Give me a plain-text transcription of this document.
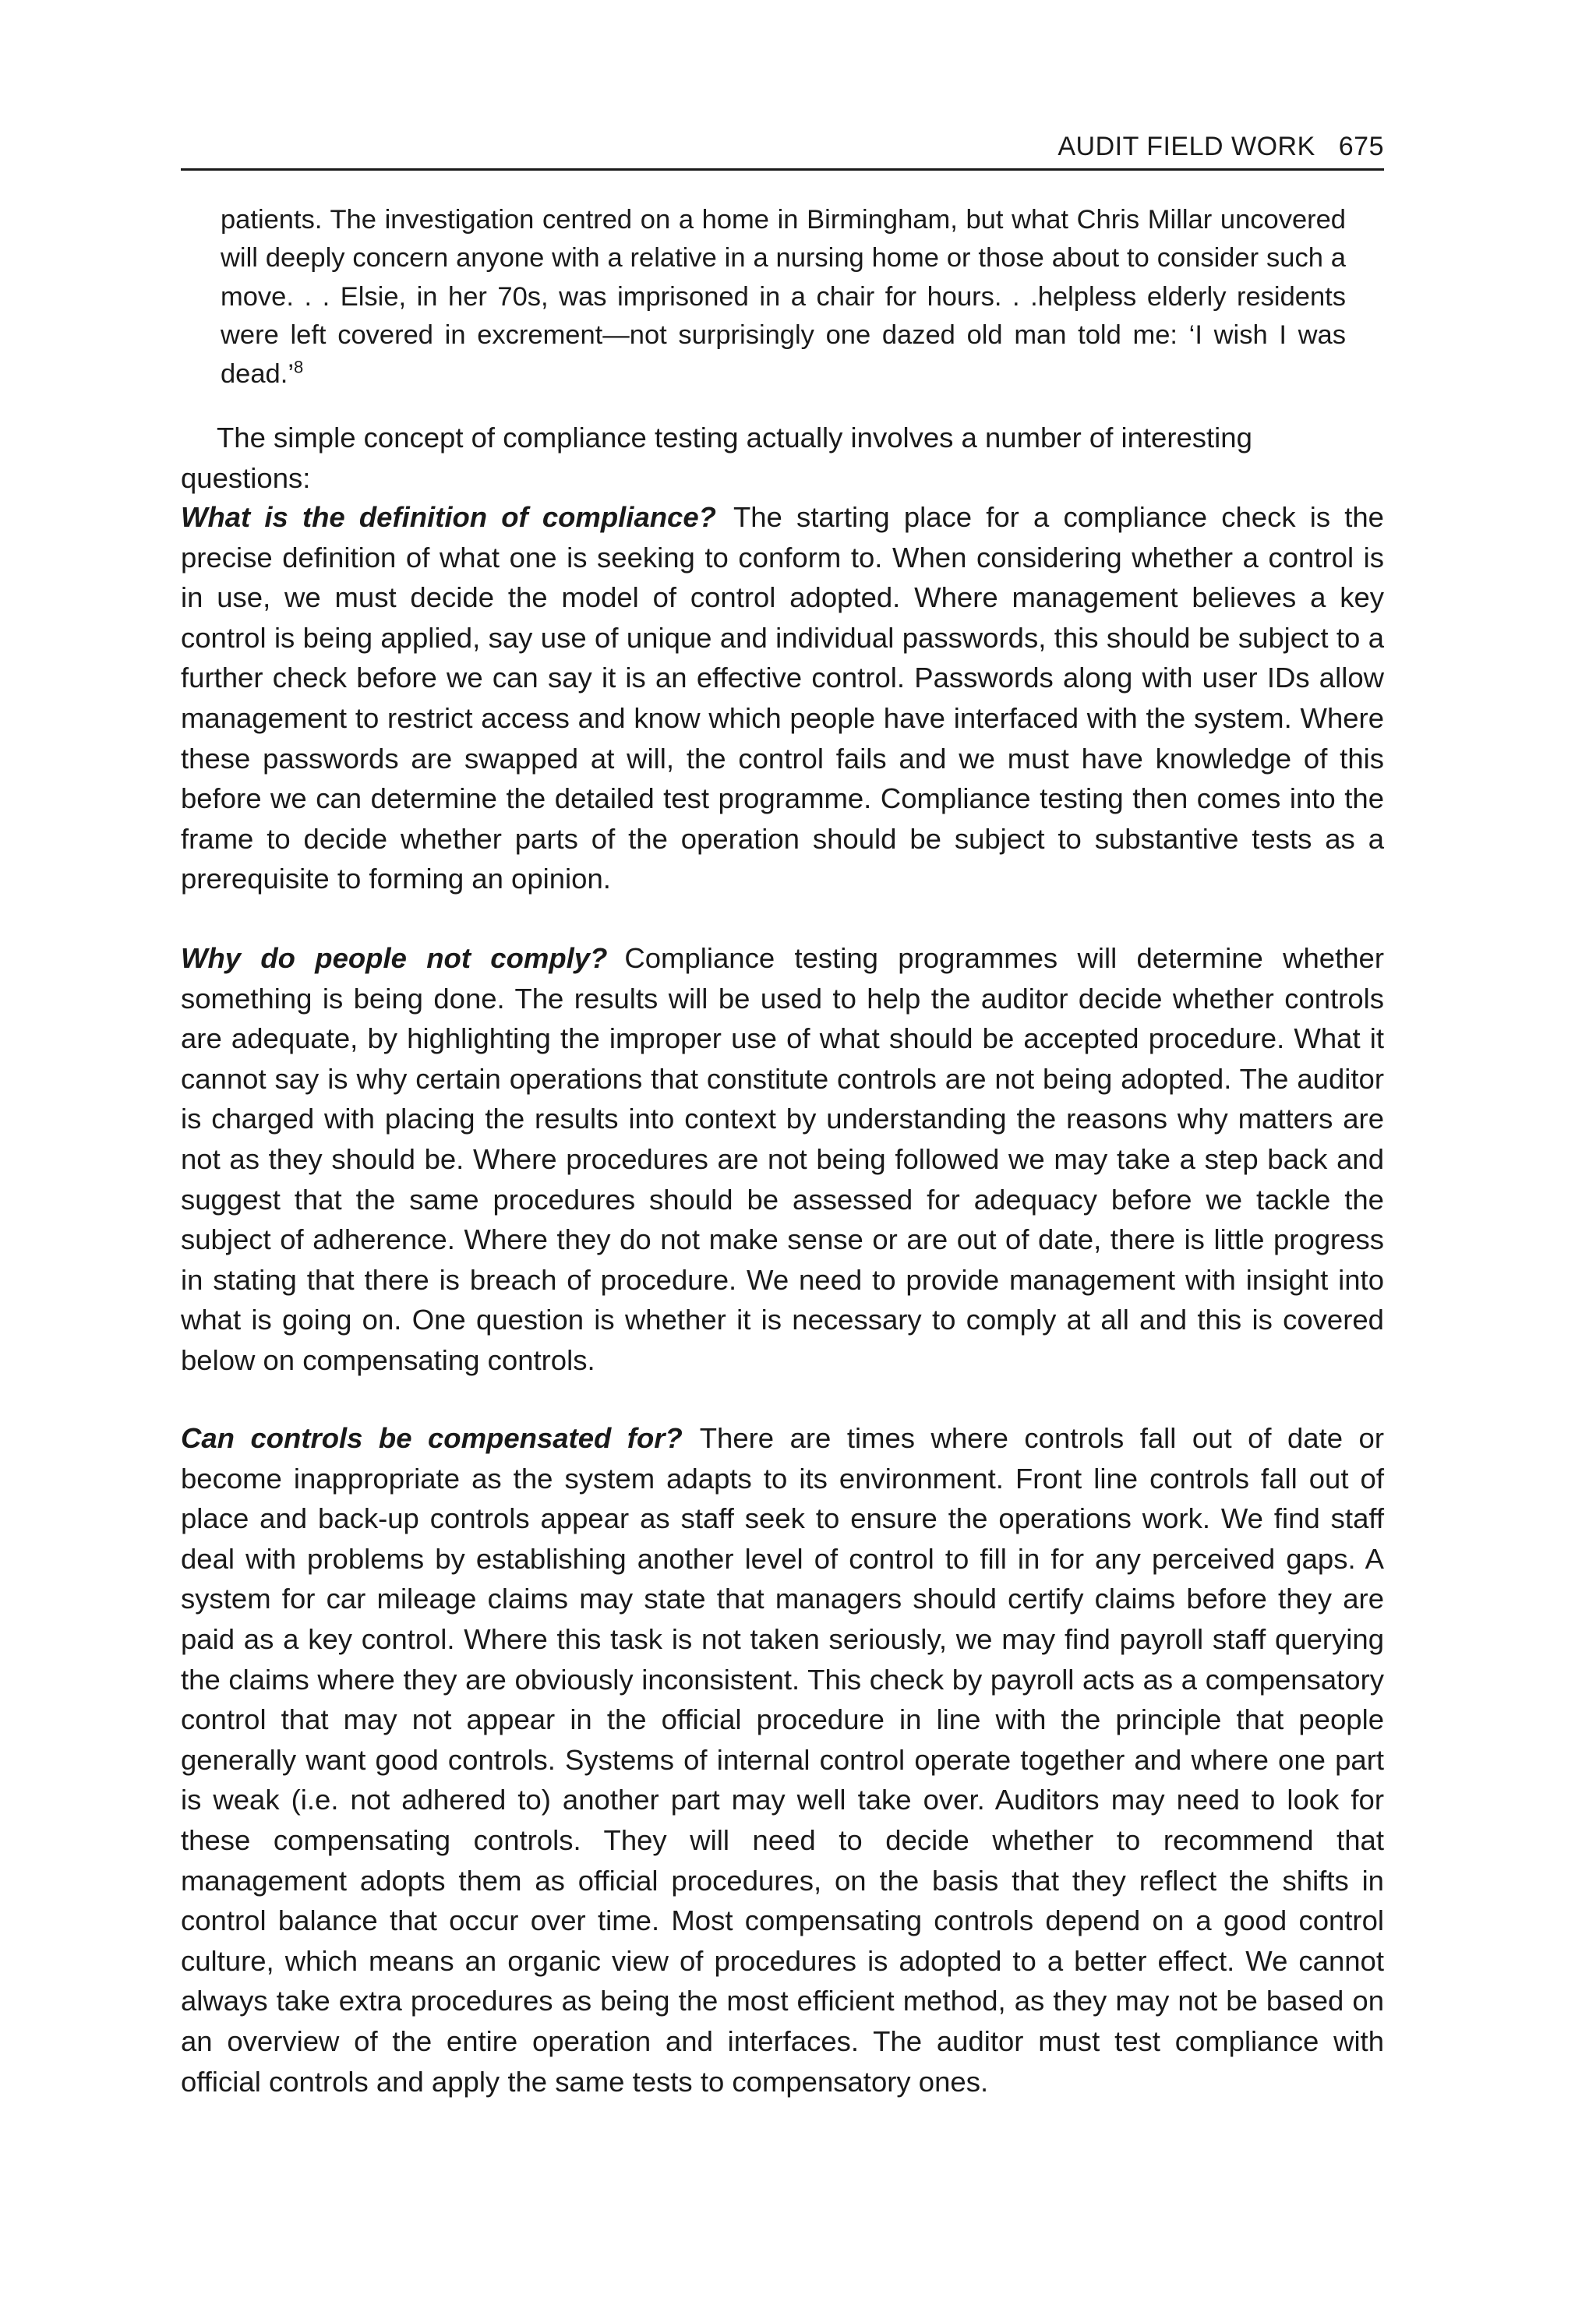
AUDIT FIELD WORK 675
patients. The investigation centred on a home in Birmingham, but what Chris Millar uncovered will deeply concern anyone with a relative in a nursing home or those about to consider such a move. . . Elsie, in her 70s, was imprisoned in a chair for hours. . .helpless elderly residents were left covered in excrement—not surprisingly one dazed old man told me: ‘I wish I was dead.’$^8$
The simple concept of compliance testing actually involves a number of interesting questions:
What is the definition of compliance? The starting place for a compliance check is the precise definition of what one is seeking to conform to. When considering whether a control is in use, we must decide the model of control adopted. Where management believes a key control is being applied, say use of unique and individual passwords, this should be subject to a further check before we can say it is an effective control. Passwords along with user IDs allow management to restrict access and know which people have interfaced with the system. Where these passwords are swapped at will, the control fails and we must have knowledge of this before we can determine the detailed test programme. Compliance testing then comes into the frame to decide whether parts of the operation should be subject to substantive tests as a prerequisite to forming an opinion.
Why do people not comply? Compliance testing programmes will determine whether something is being done. The results will be used to help the auditor decide whether controls are adequate, by highlighting the improper use of what should be accepted procedure. What it cannot say is why certain operations that constitute controls are not being adopted. The auditor is charged with placing the results into context by understanding the reasons why matters are not as they should be. Where procedures are not being followed we may take a step back and suggest that the same procedures should be assessed for adequacy before we tackle the subject of adherence. Where they do not make sense or are out of date, there is little progress in stating that there is breach of procedure. We need to provide management with insight into what is going on. One question is whether it is necessary to comply at all and this is covered below on compensating controls.
Can controls be compensated for? There are times where controls fall out of date or become inappropriate as the system adapts to its environment. Front line controls fall out of place and back-up controls appear as staff seek to ensure the operations work. We find staff deal with problems by establishing another level of control to fill in for any perceived gaps. A system for car mileage claims may state that managers should certify claims before they are paid as a key control. Where this task is not taken seriously, we may find payroll staff querying the claims where they are obviously inconsistent. This check by payroll acts as a compensatory control that may not appear in the official procedure in line with the principle that people generally want good controls. Systems of internal control operate together and where one part is weak (i.e. not adhered to) another part may well take over. Auditors may need to look for these compensating controls. They will need to decide whether to recommend that management adopts them as official procedures, on the basis that they reflect the shifts in control balance that occur over time. Most compensating controls depend on a good control culture, which means an organic view of procedures is adopted to a better effect. We cannot always take extra procedures as being the most efficient method, as they may not be based on an overview of the entire operation and interfaces. The auditor must test compliance with official controls and apply the same tests to compensatory ones.
